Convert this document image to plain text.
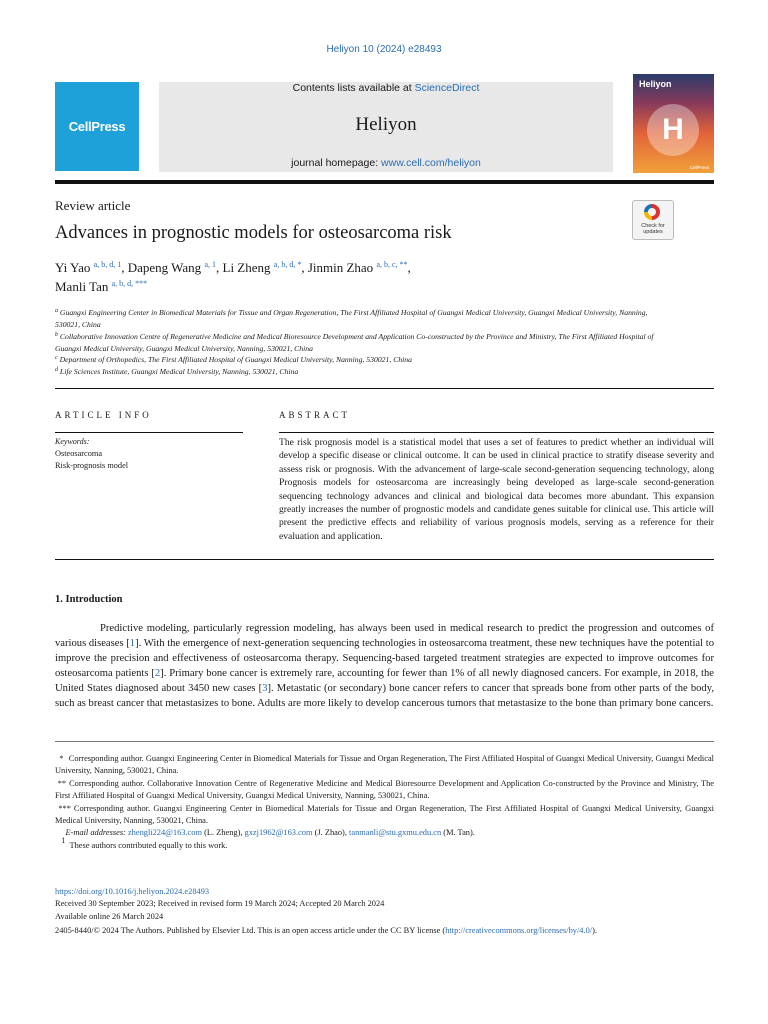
Heliyon 10 (2024) e28493
CellPress
Contents lists available at ScienceDirect
Heliyon
journal homepage: www.cell.com/heliyon
Heliyon
H
CellPress
Review article
Advances in prognostic models for osteosarcoma risk	Check for updates
Yi Yao $^{a, b, d, 1}$, Dapeng Wang $^{a, 1}$, Li Zheng $^{a, b, d, *}$, Jinmin Zhao $^{a, b, c, **}$,
Manli Tan $^{a, b, d, ***}$
$^a$ Guangxi Engineering Center in Biomedical Materials for Tissue and Organ Regeneration, The First Affiliated Hospital of Guangxi Medical University, Guangxi Medical University, Nanning, 530021, China
$^b$ Collaborative Innovation Centre of Regenerative Medicine and Medical Bioresource Development and Application Co-constructed by the Province and Ministry, The First Affiliated Hospital of Guangxi Medical University, Guangxi Medical University, Nanning, 530021, China
$^c$ Department of Orthopedics, The First Affiliated Hospital of Guangxi Medical University, Nanning, 530021, China
$^d$ Life Sciences Institute, Guangxi Medical University, Nanning, 530021, China
ARTICLE INFO	ABSTRACT
Keywords:
Osteosarcoma
Risk-prognosis model
The risk prognosis model is a statistical model that uses a set of features to predict whether an individual will develop a specific disease or clinical outcome. It can be used in clinical practice to stratify disease severity and assess risk or prognosis. With the advancement of large-scale second-generation sequencing technology, along Prognosis models for osteosarcoma are increasingly being developed as large-scale second-generation sequencing technology advances and clinical and biological data becomes more abundant. This expansion greatly increases the number of prognostic models and candidate genes suitable for clinical use. This article will present the predictive effects and reliability of various prognosis models, serving as a reference for their evaluation and application.
1. Introduction

Predictive modeling, particularly regression modeling, has always been used in medical research to predict the progression and outcomes of various diseases [1]. With the emergence of next-generation sequencing technologies in osteosarcoma treatment, these new techniques have the potential to improve the precision and effectiveness of osteosarcoma therapy. Sequencing-based targeted treatment strategies are expected to improve outcomes for osteosarcoma patients [2]. Primary bone cancer is extremely rare, accounting for fewer than 1% of all newly diagnosed cancers. For example, in 2018, the United States diagnosed about 3450 new cases [3]. Metastatic (or secondary) bone cancer refers to cancer that spreads bone from other parts of the body, such as breast cancer that metastasizes to bone. Adults are more likely to develop cancerous tumors that metastasize to the bone than primary bone cancers.

* Corresponding author. Guangxi Engineering Center in Biomedical Materials for Tissue and Organ Regeneration, The First Affiliated Hospital of Guangxi Medical University, Guangxi Medical University, Nanning, 530021, China.
** Corresponding author. Collaborative Innovation Centre of Regenerative Medicine and Medical Bioresource Development and Application Co-constructed by the Province and Ministry, The First Affiliated Hospital of Guangxi Medical University, Guangxi Medical University, Nanning, 530021, China.
*** Corresponding author. Guangxi Engineering Center in Biomedical Materials for Tissue and Organ Regeneration, The First Affiliated Hospital of Guangxi Medical University, Guangxi Medical University, Nanning, 530021, China.
E-mail addresses: zhengli224@163.com (L. Zheng), gxzj1962@163.com (J. Zhao), tanmanli@stu.gxmu.edu.cn (M. Tan).
$^1$  These authors contributed equally to this work.
https://doi.org/10.1016/j.heliyon.2024.e28493
Received 30 September 2023; Received in revised form 19 March 2024; Accepted 20 March 2024
Available online 26 March 2024
2405-8440/© 2024 The Authors. Published by Elsevier Ltd. This is an open access article under the CC BY license (http://creativecommons.org/licenses/by/4.0/).
